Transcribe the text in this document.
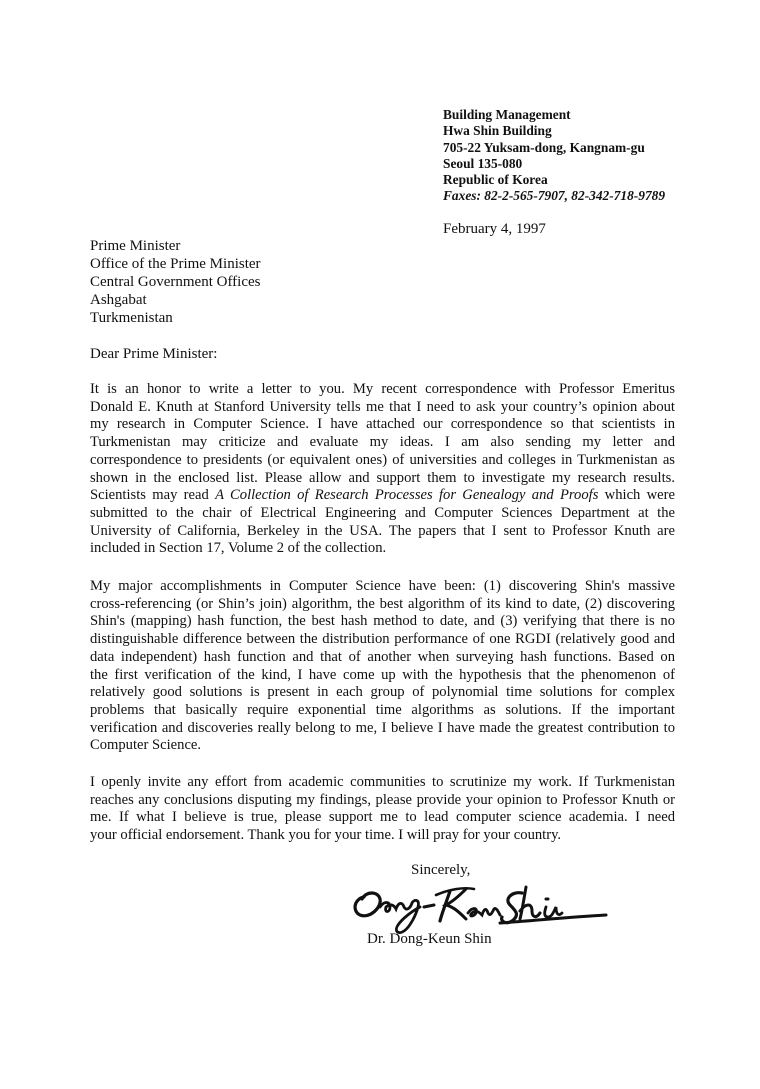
Building Management
Hwa Shin Building
705-22 Yuksam-dong, Kangnam-gu
Seoul 135-080
Republic of Korea
Faxes: 82-2-565-7907, 82-342-718-9789
February 4, 1997
Prime Minister
Office of the Prime Minister
Central Government Offices
Ashgabat
Turkmenistan
Dear Prime Minister:
It is an honor to write a letter to you. My recent correspondence with Professor Emeritus
Donald E. Knuth at Stanford University tells me that I need to ask your country’s opinion about
my research in Computer Science. I have attached our correspondence so that scientists in
Turkmenistan may criticize and evaluate my ideas. I am also sending my letter and
correspondence to presidents (or equivalent ones) of universities and colleges in Turkmenistan as
shown in the enclosed list. Please allow and support them to investigate my research results.
Scientists may read A Collection of Research Processes for Genealogy and Proofs which were
submitted to the chair of Electrical Engineering and Computer Sciences Department at the
University of California, Berkeley in the USA. The papers that I sent to Professor Knuth are
included in Section 17, Volume 2 of the collection.
My major accomplishments in Computer Science have been: (1) discovering Shin's massive
cross-referencing (or Shin’s join) algorithm, the best algorithm of its kind to date, (2) discovering
Shin's (mapping) hash function, the best hash method to date, and (3) verifying that there is no
distinguishable difference between the distribution performance of one RGDI (relatively good and
data independent) hash function and that of another when surveying hash functions. Based on
the first verification of the kind, I have come up with the hypothesis that the phenomenon of
relatively good solutions is present in each group of polynomial time solutions for complex
problems that basically require exponential time algorithms as solutions. If the important
verification and discoveries really belong to me, I believe I have made the greatest contribution to
Computer Science.
I openly invite any effort from academic communities to scrutinize my work. If Turkmenistan
reaches any conclusions disputing my findings, please provide your opinion to Professor Knuth or
me. If what I believe is true, please support me to lead computer science academia. I need
your official endorsement. Thank you for your time. I will pray for your country.
Sincerely,
Dr. Dong-Keun Shin
